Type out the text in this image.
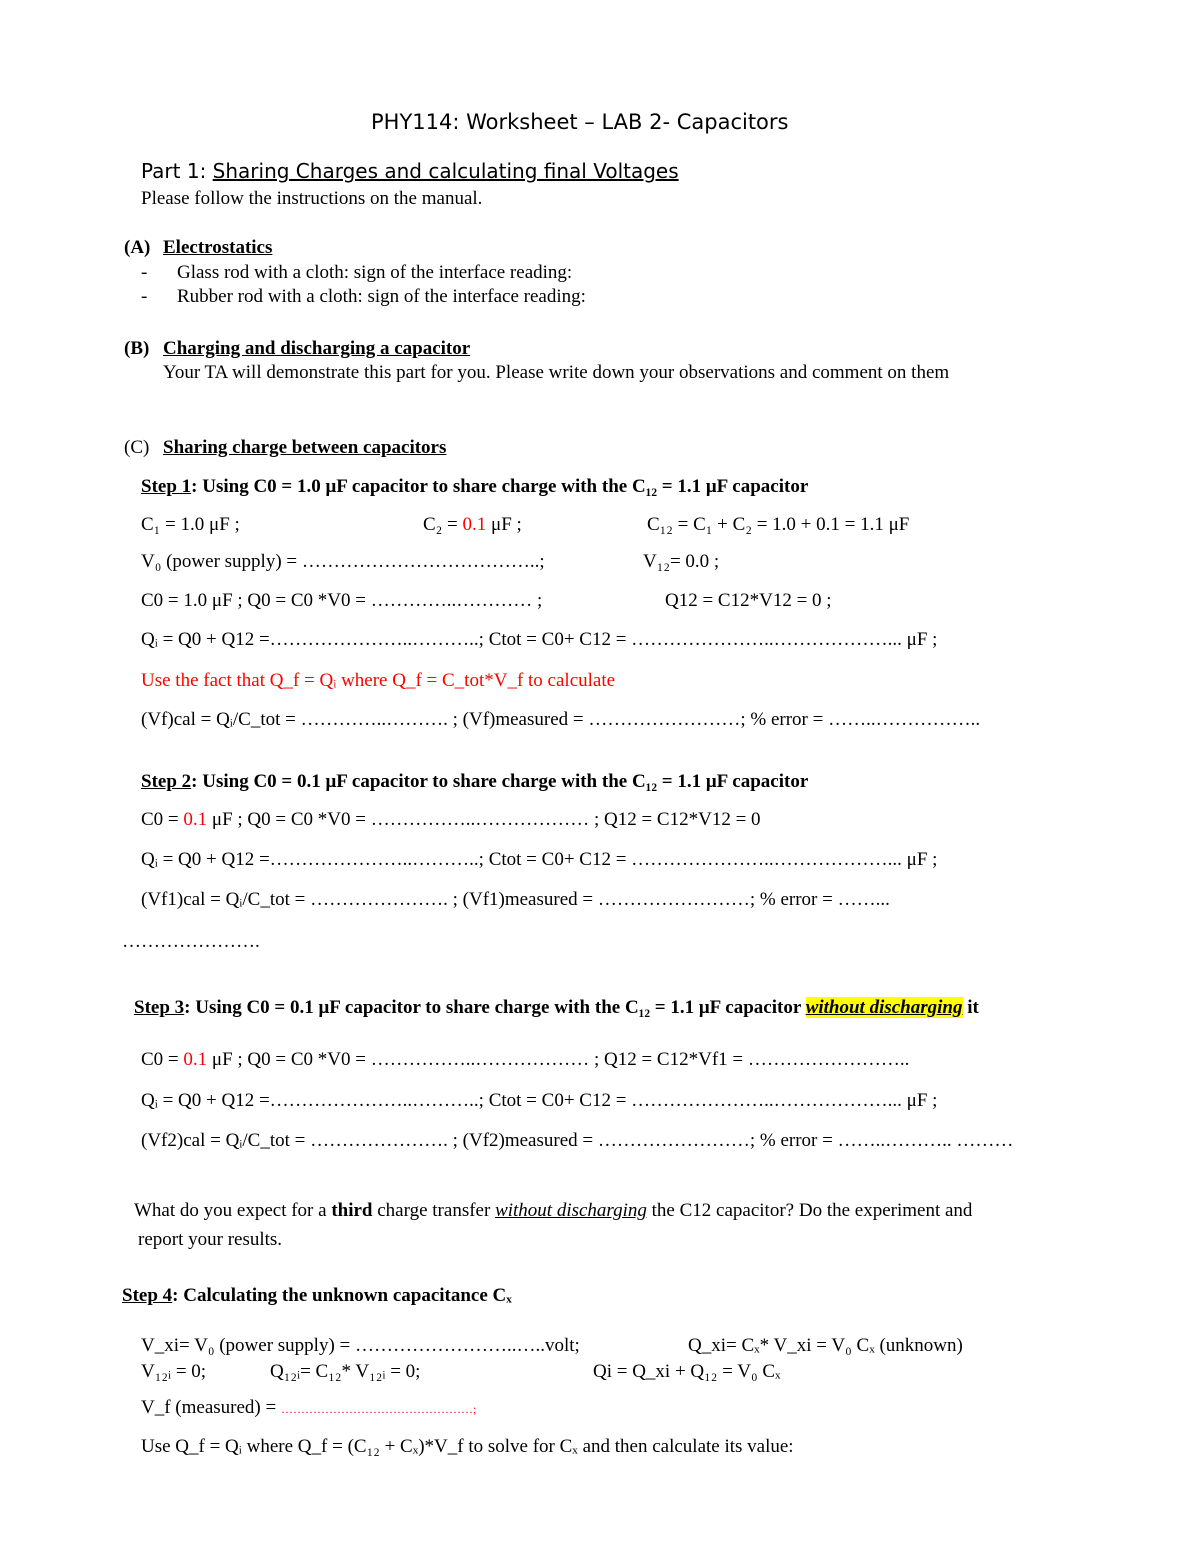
PHY114: Worksheet – LAB 2- Capacitors
Part 1: Sharing Charges and calculating final Voltages
Please follow the instructions on the manual.
(A) Electrostatics
- Glass rod with a cloth: sign of the interface reading:
- Rubber rod with a cloth: sign of the interface reading:
(B) Charging and discharging a capacitor
Your TA will demonstrate this part for you. Please write down your observations and comment on them
(C) Sharing charge between capacitors
Step 1: Using C0 = 1.0 μF capacitor to share charge with the C₁₂ = 1.1 μF capacitor
C₁ = 1.0 μF ;	C₂ = 0.1 μF ;	C₁₂ = C₁ + C₂ = 1.0 + 0.1 = 1.1 μF
V₀ (power supply) = ………………………………..;	V₁₂= 0.0 ;
C0 = 1.0 μF ; Q0 = C0 *V0 = …………..………… ;	Q12 = C12*V12 = 0 ;
Qᵢ = Q0 + Q12 =…………………..………..; Ctot = C0+ C12 = …………………..………………... μF ;
Use the fact that Q_f = Qᵢ where Q_f = C_tot*V_f to calculate
(Vf)cal = Qᵢ/C_tot = …………..………. ; (Vf)measured = ……………………; % error = ……..……………..
Step 2: Using C0 = 0.1 μF capacitor to share charge with the C₁₂ = 1.1 μF capacitor
C0 = 0.1 μF ; Q0 = C0 *V0 = ……………..……………… ; Q12 = C12*V12 = 0
Qᵢ = Q0 + Q12 =…………………..………..; Ctot = C0+ C12 = …………………..………………... μF ;
(Vf1)cal = Qᵢ/C_tot = …………………. ; (Vf1)measured = ……………………; % error = ……...
………………….
Step 3: Using C0 = 0.1 μF capacitor to share charge with the C₁₂ = 1.1 μF capacitor without discharging it
C0 = 0.1 μF ; Q0 = C0 *V0 = ……………..……………… ; Q12 = C12*Vf1 = ……………………..
Qᵢ = Q0 + Q12 =…………………..………..; Ctot = C0+ C12 = …………………..………………... μF ;
(Vf2)cal = Qᵢ/C_tot = …………………. ; (Vf2)measured = ……………………; % error = ……..……….. ………
What do you expect for a third charge transfer without discharging the C12 capacitor? Do the experiment and
report your results.
Step 4: Calculating the unknown capacitance Cₓ
V_xi= V₀ (power supply) = ……………………..…..volt;	Q_xi= Cₓ* V_xi = V₀ Cₓ (unknown)
V₁₂ᵢ = 0;	Q₁₂ᵢ= C₁₂* V₁₂ᵢ = 0;	Qi = Q_xi + Q₁₂ = V₀ Cₓ
V_f (measured) = …………………………………………;
Use Q_f = Qᵢ where Q_f = (C₁₂ + Cₓ)*V_f to solve for Cₓ and then calculate its value:
